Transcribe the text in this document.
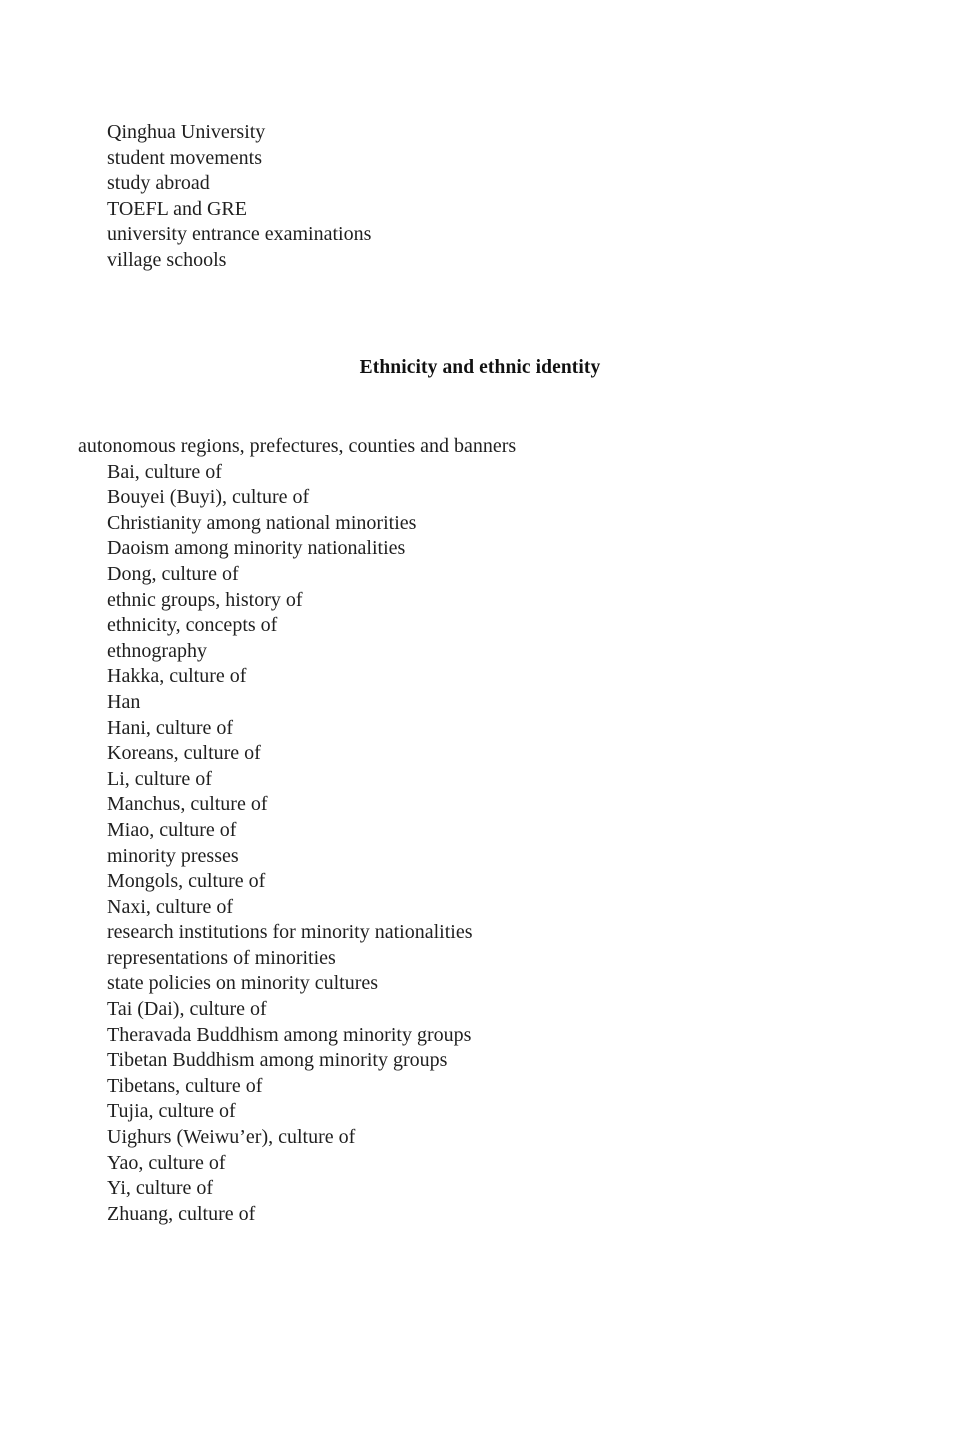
Qinghua University
student movements
study abroad
TOEFL and GRE
university entrance examinations
village schools
Ethnicity and ethnic identity
autonomous regions, prefectures, counties and banners
Bai, culture of
Bouyei (Buyi), culture of
Christianity among national minorities
Daoism among minority nationalities
Dong, culture of
ethnic groups, history of
ethnicity, concepts of
ethnography
Hakka, culture of
Han
Hani, culture of
Koreans, culture of
Li, culture of
Manchus, culture of
Miao, culture of
minority presses
Mongols, culture of
Naxi, culture of
research institutions for minority nationalities
representations of minorities
state policies on minority cultures
Tai (Dai), culture of
Theravada Buddhism among minority groups
Tibetan Buddhism among minority groups
Tibetans, culture of
Tujia, culture of
Uighurs (Weiwu’er), culture of
Yao, culture of
Yi, culture of
Zhuang, culture of
